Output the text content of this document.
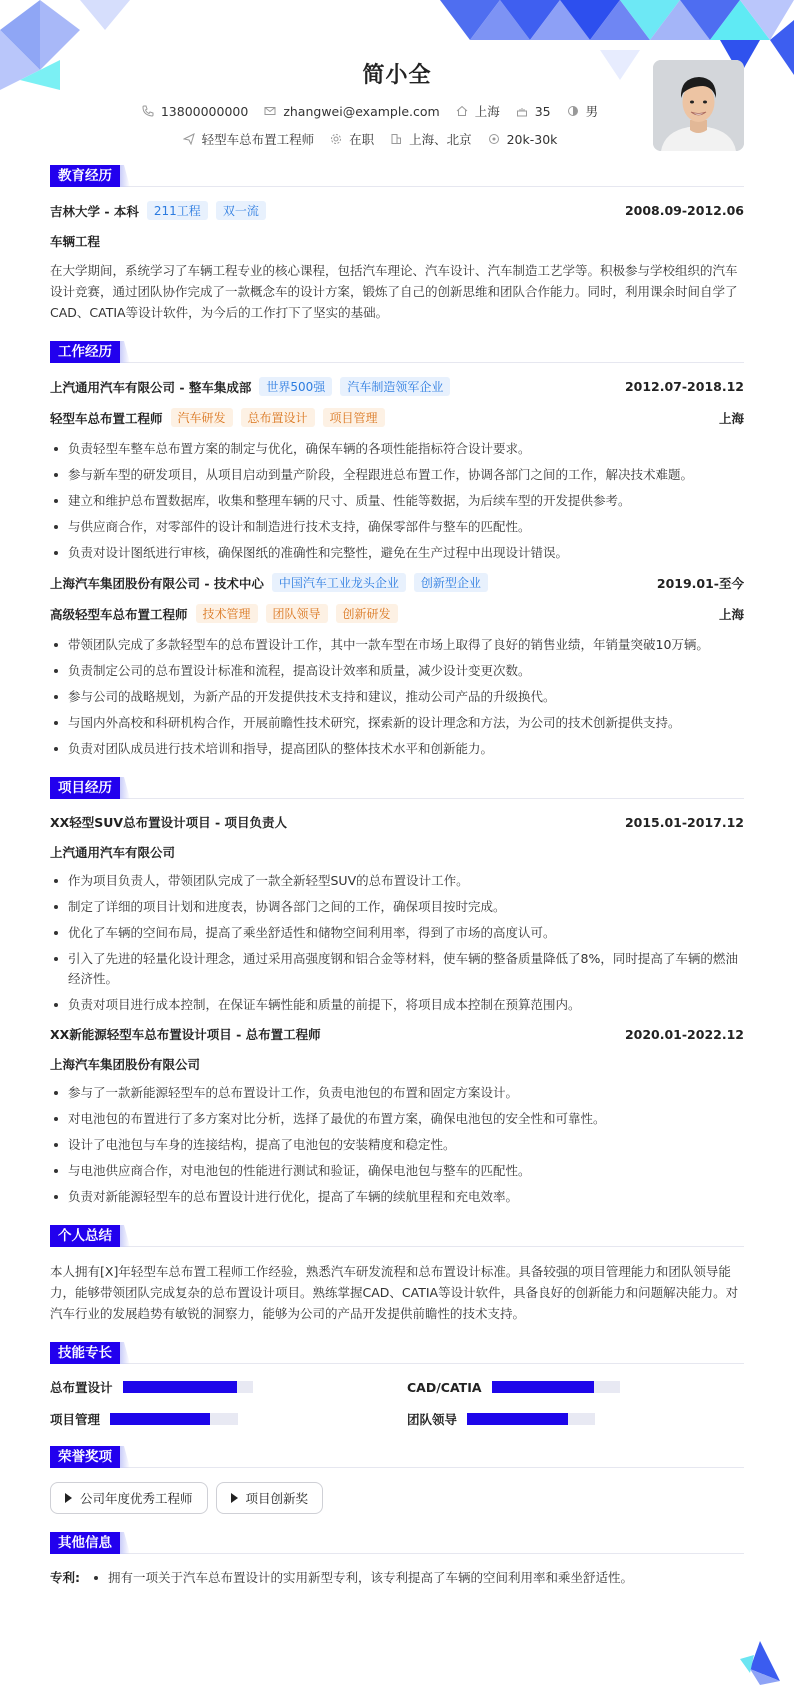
简小全
13800000000	zhangwei@example.com	上海	35	男
轻型车总布置工程师	在职	上海、北京	20k-30k
教育经历
吉林大学 - 本科	211工程	双一流	2008.09-2012.06
车辆工程
在大学期间，系统学习了车辆工程专业的核心课程，包括汽车理论、汽车设计、汽车制造工艺学等。积极参与学校组织的汽车设计竞赛，通过团队协作完成了一款概念车的设计方案，锻炼了自己的创新思维和团队合作能力。同时，利用课余时间自学了CAD、CATIA等设计软件，为今后的工作打下了坚实的基础。
工作经历
上汽通用汽车有限公司 - 整车集成部	世界500强	汽车制造领军企业	2012.07-2018.12
轻型车总布置工程师	汽车研发	总布置设计	项目管理	上海
负责轻型车整车总布置方案的制定与优化，确保车辆的各项性能指标符合设计要求。
参与新车型的研发项目，从项目启动到量产阶段，全程跟进总布置工作，协调各部门之间的工作，解决技术难题。
建立和维护总布置数据库，收集和整理车辆的尺寸、质量、性能等数据，为后续车型的开发提供参考。
与供应商合作，对零部件的设计和制造进行技术支持，确保零部件与整车的匹配性。
负责对设计图纸进行审核，确保图纸的准确性和完整性，避免在生产过程中出现设计错误。
上海汽车集团股份有限公司 - 技术中心	中国汽车工业龙头企业	创新型企业	2019.01-至今
高级轻型车总布置工程师	技术管理	团队领导	创新研发	上海
带领团队完成了多款轻型车的总布置设计工作，其中一款车型在市场上取得了良好的销售业绩，年销量突破10万辆。
负责制定公司的总布置设计标准和流程，提高设计效率和质量，减少设计变更次数。
参与公司的战略规划，为新产品的开发提供技术支持和建议，推动公司产品的升级换代。
与国内外高校和科研机构合作，开展前瞻性技术研究，探索新的设计理念和方法，为公司的技术创新提供支持。
负责对团队成员进行技术培训和指导，提高团队的整体技术水平和创新能力。
项目经历
XX轻型SUV总布置设计项目 - 项目负责人	2015.01-2017.12
上汽通用汽车有限公司
作为项目负责人，带领团队完成了一款全新轻型SUV的总布置设计工作。
制定了详细的项目计划和进度表，协调各部门之间的工作，确保项目按时完成。
优化了车辆的空间布局，提高了乘坐舒适性和储物空间利用率，得到了市场的高度认可。
引入了先进的轻量化设计理念，通过采用高强度钢和铝合金等材料，使车辆的整备质量降低了8%，同时提高了车辆的燃油经济性。
负责对项目进行成本控制，在保证车辆性能和质量的前提下，将项目成本控制在预算范围内。
XX新能源轻型车总布置设计项目 - 总布置工程师	2020.01-2022.12
上海汽车集团股份有限公司
参与了一款新能源轻型车的总布置设计工作，负责电池包的布置和固定方案设计。
对电池包的布置进行了多方案对比分析，选择了最优的布置方案，确保电池包的安全性和可靠性。
设计了电池包与车身的连接结构，提高了电池包的安装精度和稳定性。
与电池供应商合作，对电池包的性能进行测试和验证，确保电池包与整车的匹配性。
负责对新能源轻型车的总布置设计进行优化，提高了车辆的续航里程和充电效率。
个人总结
本人拥有[X]年轻型车总布置工程师工作经验，熟悉汽车研发流程和总布置设计标准。具备较强的项目管理能力和团队领导能力，能够带领团队完成复杂的总布置设计项目。熟练掌握CAD、CATIA等设计软件，具备良好的创新能力和问题解决能力。对汽车行业的发展趋势有敏锐的洞察力，能够为公司的产品开发提供前瞻性的技术支持。
技能专长
总布置设计	CAD/CATIA
项目管理	团队领导
荣誉奖项
公司年度优秀工程师	项目创新奖
其他信息
专利:	拥有一项关于汽车总布置设计的实用新型专利，该专利提高了车辆的空间利用率和乘坐舒适性。
